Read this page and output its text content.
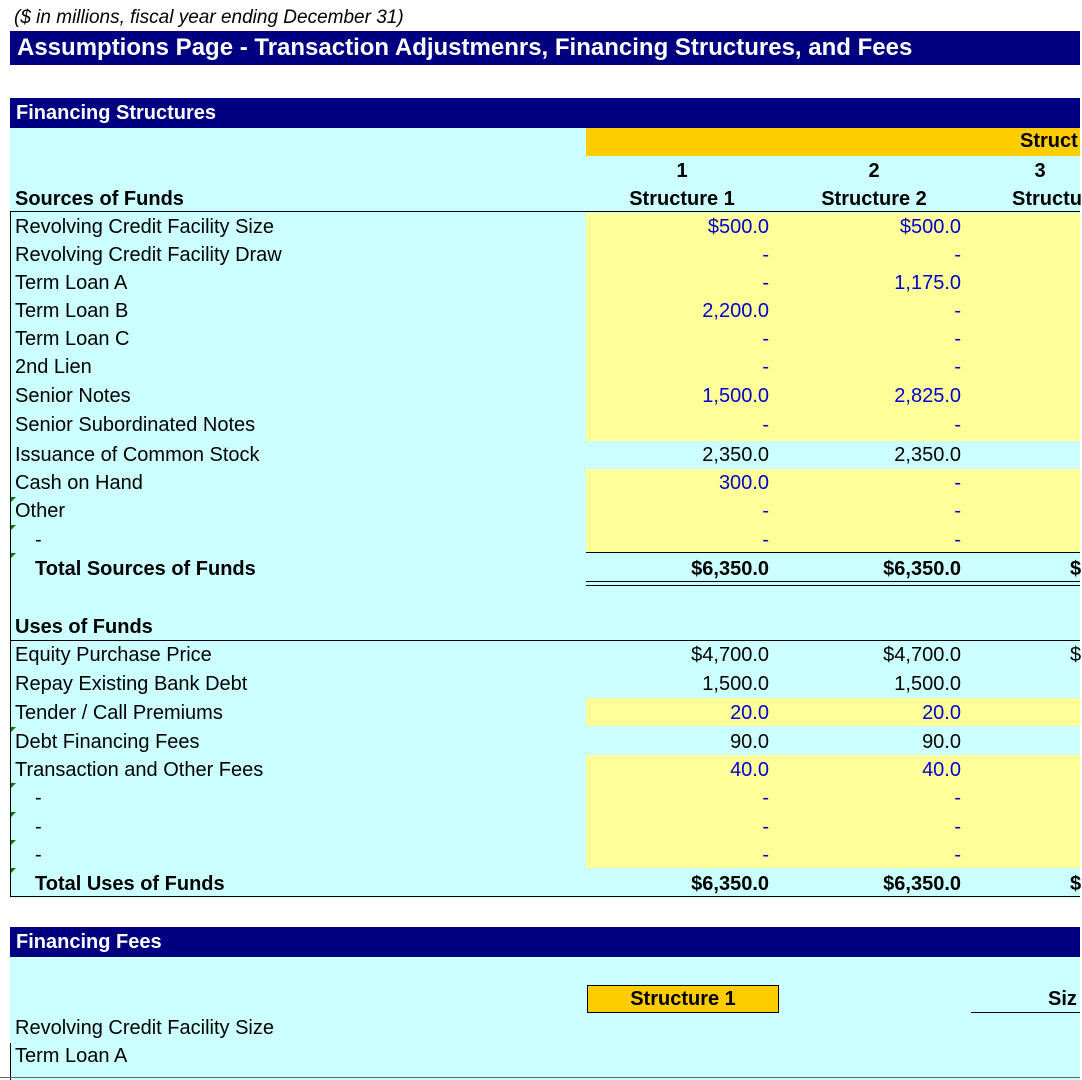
($ in millions, fiscal year ending December 31)
Assumptions Page - Transaction Adjustmenrs, Financing Structures, and Fees
Financing Structures
Struct
1	2	3
Structure 1	Structure 2	Structu
Sources of Funds
Revolving Credit Facility Size	$500.0	$500.0
Revolving Credit Facility Draw	-	-
Term Loan A	-	1,175.0
Term Loan B	2,200.0	-
Term Loan C	-	-
2nd Lien	-	-
Senior Notes	1,500.0	2,825.0
Senior Subordinated Notes	-	-
Issuance of Common Stock	2,350.0	2,350.0
Cash on Hand	300.0	-
Other	-	-
-	-	-
Total Sources of Funds	$6,350.0	$6,350.0	$
Uses of Funds
Equity Purchase Price	$4,700.0	$4,700.0	$
Repay Existing Bank Debt	1,500.0	1,500.0
Tender / Call Premiums	20.0	20.0
Debt Financing Fees	90.0	90.0
Transaction and Other Fees	40.0	40.0
-	-	-
-	-	-
-	-	-
Total Uses of Funds	$6,350.0	$6,350.0	$
Financing Fees
Structure 1	Siz
Revolving Credit Facility Size
Term Loan A
